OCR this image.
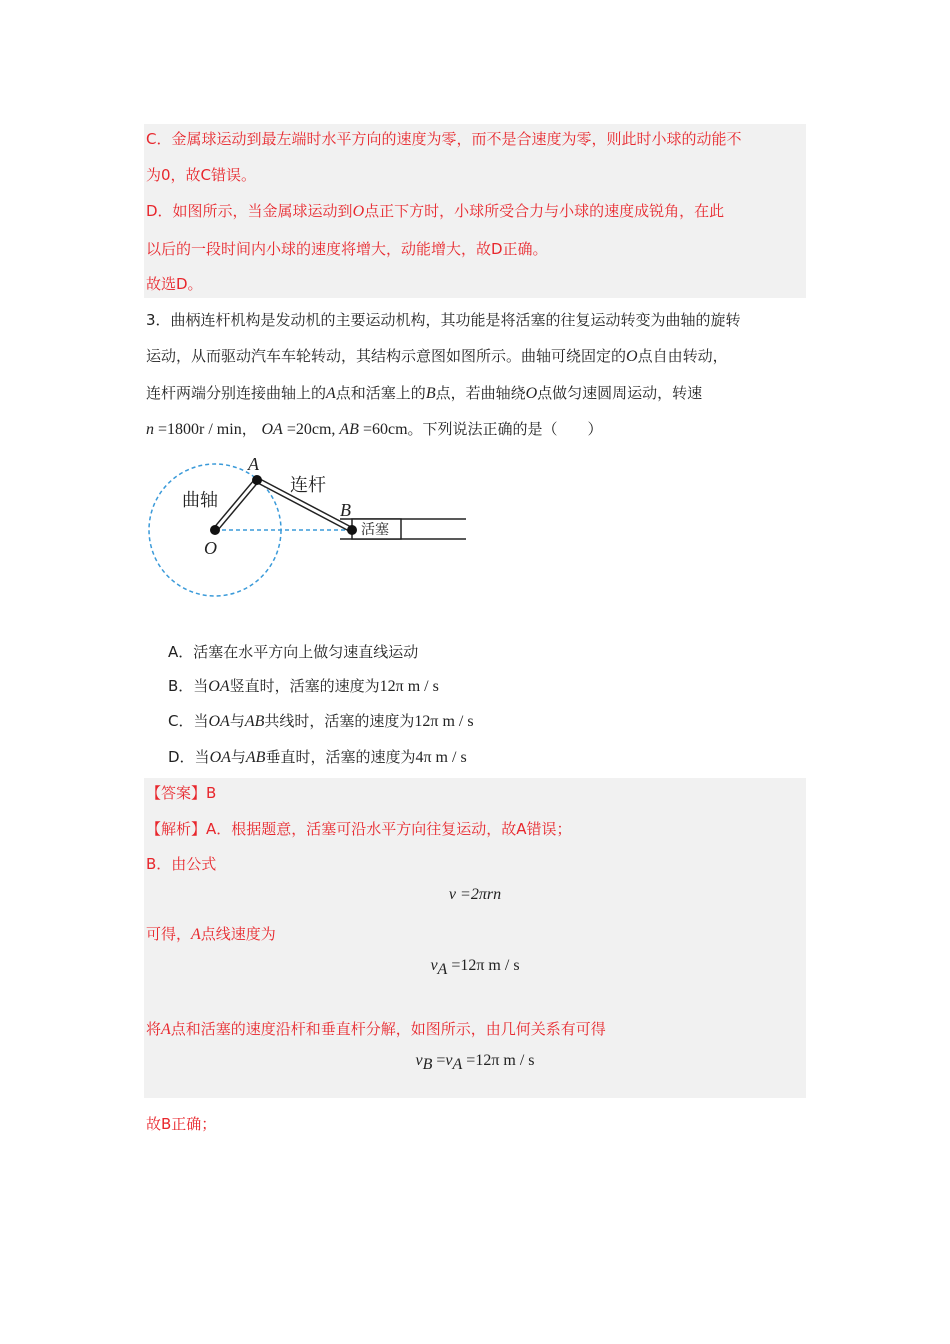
C．金属球运动到最左端时水平方向的速度为零，而不是合速度为零，则此时小球的动能不
为0，故C错误。
D．如图所示，当金属球运动到O点正下方时，小球所受合力与小球的速度成锐角，在此
以后的一段时间内小球的速度将增大，动能增大，故D正确。
故选D。
3．曲柄连杆机构是发动机的主要运动机构，其功能是将活塞的往复运动转变为曲轴的旋转
运动，从而驱动汽车车轮转动，其结构示意图如图所示。曲轴可绕固定的O点自由转动，
连杆两端分别连接曲轴上的A点和活塞上的B点，若曲轴绕O点做匀速圆周运动，转速
n =1800r / min， OA =20cm, AB =60cm。下列说法正确的是（　　）
曲轴
连杆
A
B
O
活塞
A．活塞在水平方向上做匀速直线运动
B．当OA竖直时，活塞的速度为12π m / s
C．当OA与AB共线时，活塞的速度为12π m / s
D．当OA与AB垂直时，活塞的速度为4π m / s
【答案】B
【解析】A．根据题意，活塞可沿水平方向往复运动，故A错误；
B．由公式
v =2πrn
可得，A点线速度为
$v_A =12\pi$ m / s
将A点和活塞的速度沿杆和垂直杆分解，如图所示，由几何关系有可得
$v_B =v_A =12\pi$ m / s
故B正确；
